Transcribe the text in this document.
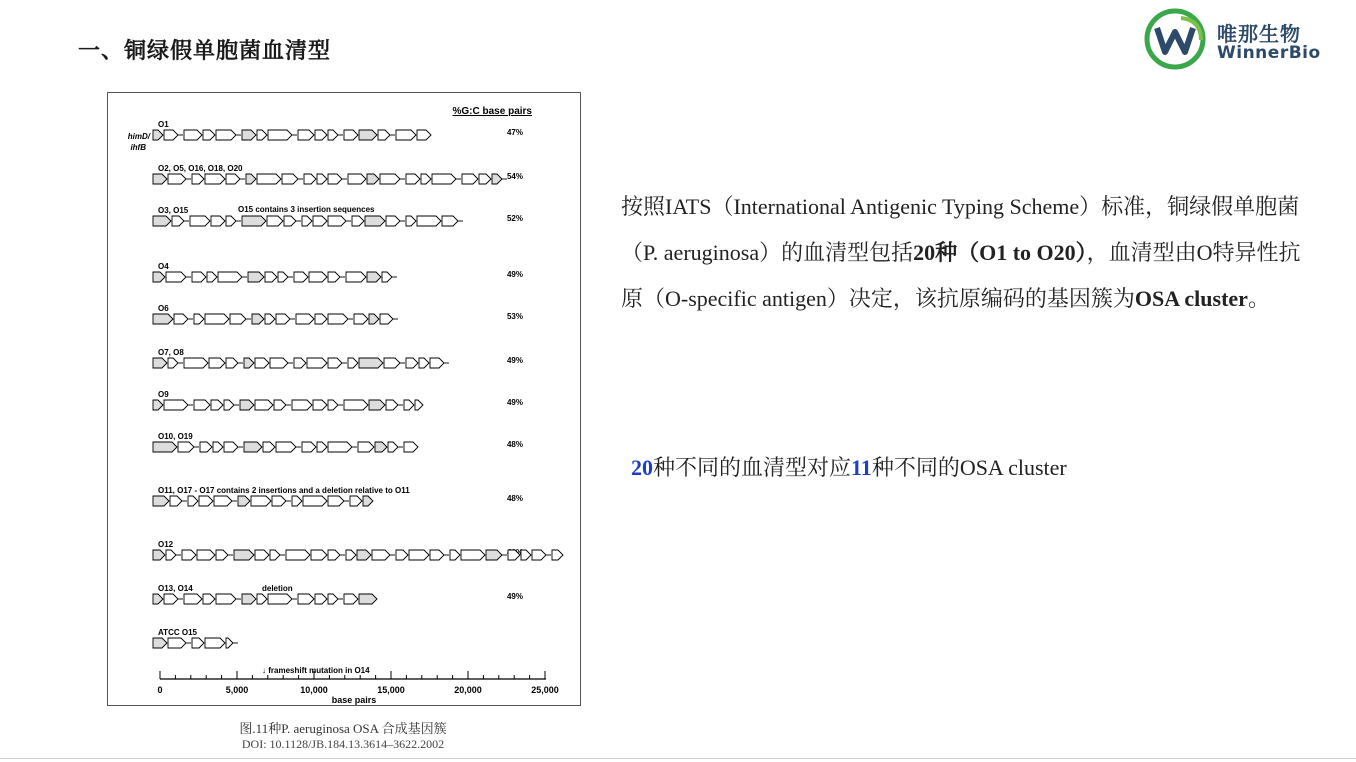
一、铜绿假单胞菌血清型
唯那生物
WinnerBio
%G:C base pairs
himD/
ihfB
O1
47%
O2, O5, O16, O18, O20
54%
O3, O15
52%
O4
49%
O6
53%
O7, O8
49%
O9
49%
O10, O19
48%
O11, O17 - O17 contains 2 insertions and a deletion relative to O11
48%
O12
O13, O14
49%
ATCC O15
O15 contains 3 insertion sequences
deletion
↓ frameshift mutation in O14
0	5,000	10,000	15,000	20,000	25,000
base pairs
图.11种P. aeruginosa OSA 合成基因簇
DOI: 10.1128/JB.184.13.3614–3622.2002
按照IATS（International Antigenic Typing Scheme）标准，铜绿假单胞菌（P. aeruginosa）的血清型包括20种（O1 to O20），血清型由O特异性抗原（O-specific antigen）决定，该抗原编码的基因簇为OSA cluster。
20种不同的血清型对应11种不同的OSA cluster
